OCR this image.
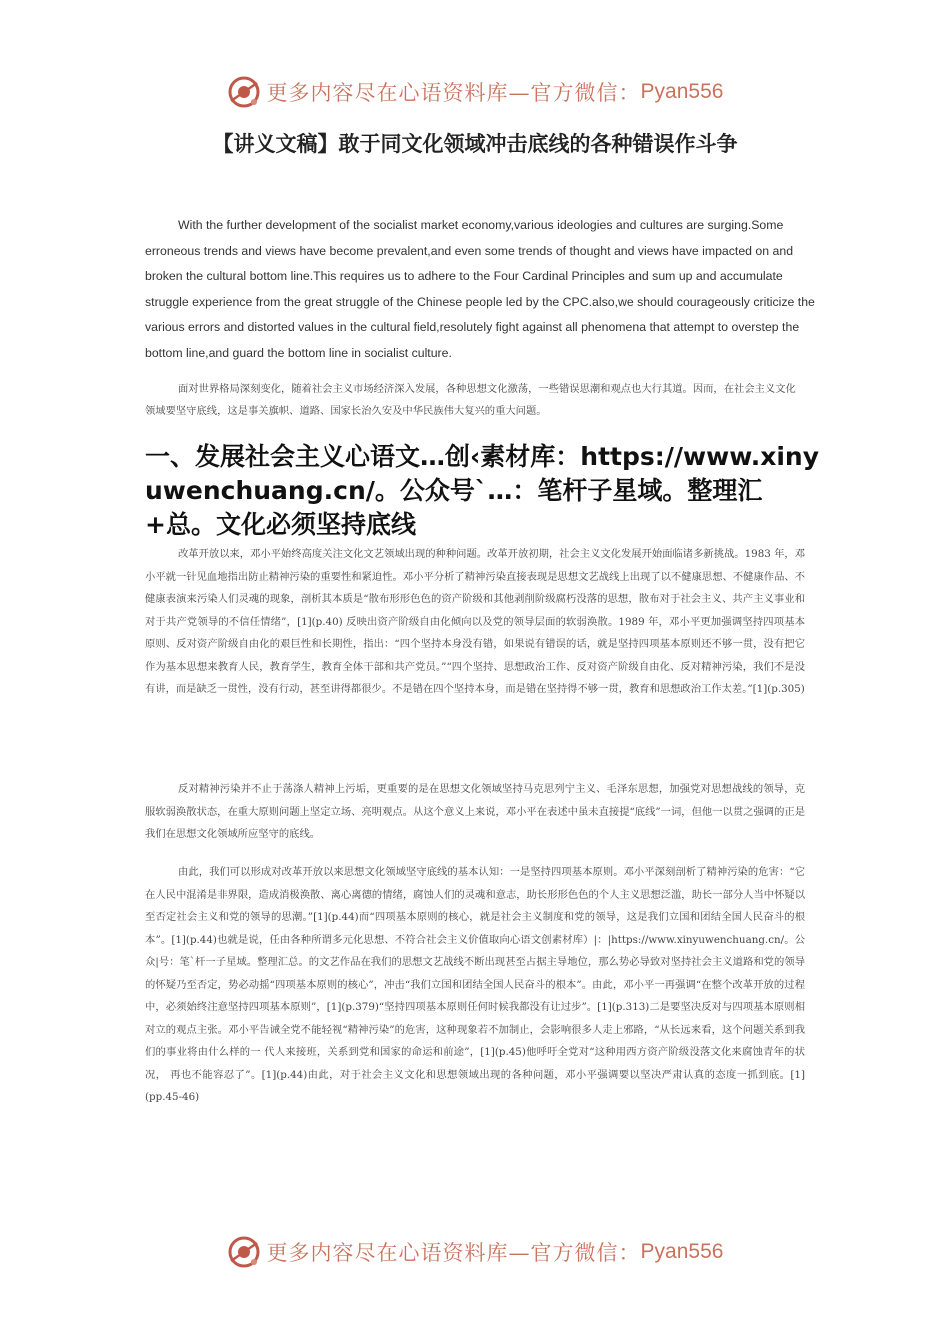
更多内容尽在心语资料库—官方微信： Pyan556
【讲义文稿】敢于同文化领域冲击底线的各种错误作斗争

With the further development of the socialist market economy,various ideologies and cultures are surging.Some erroneous trends and views have become prevalent,and even some trends of thought and views have impacted on and broken the cultural bottom line.This requires us to adhere to the Four Cardinal Principles and sum up and accumulate struggle experience from the great struggle of the Chinese people led by the CPC.also,we should courageously criticize the various errors and distorted values in the cultural field,resolutely fight against all phenomena that attempt to overstep the bottom line,and guard the bottom line in socialist culture.

面对世界格局深刻变化，随着社会主义市场经济深入发展，各种思想文化激荡，一些错误思潮和观点也大行其道。因而，在社会主义文化领域要坚守底线，这是事关旗帜、道路、国家长治久安及中华民族伟大复兴的重大问题。

一、发展社会主义心语文…创‹素材库：https://www.xinyuwenchuang.cn/。公众号`…：笔杆子星域。整理汇+总。文化必须坚持底线

改革开放以来，邓小平始终高度关注文化文艺领域出现的种种问题。改革开放初期，社会主义文化发展开始面临诸多新挑战。1983 年，邓小平就一针见血地指出防止精神污染的重要性和紧迫性。邓小平分析了精神污染直接表现是思想文艺战线上出现了以不健康思想、不健康作品、不健康表演来污染人们灵魂的现象，剖析其本质是“散布形形色色的资产阶级和其他剥削阶级腐朽没落的思想，散布对于社会主义、共产主义事业和对于共产党领导的不信任情绪”，[1](p.40) 反映出资产阶级自由化倾向以及党的领导层面的软弱涣散。1989 年，邓小平更加强调坚持四项基本原则、反对资产阶级自由化的艰巨性和长期性，指出：“四个坚持本身没有错，如果说有错误的话，就是坚持四项基本原则还不够一贯，没有把它作为基本思想来教育人民，教育学生，教育全体干部和共产党员。”“四个坚持、思想政治工作、反对资产阶级自由化、反对精神污染，我们不是没有讲，而是缺乏一贯性，没有行动，甚至讲得都很少。不是错在四个坚持本身，而是错在坚持得不够一贯，教育和思想政治工作太差。”[1](p.305)

反对精神污染并不止于荡涤人精神上污垢，更重要的是在思想文化领域坚持马克思列宁主义、毛泽东思想，加强党对思想战线的领导，克服软弱涣散状态，在重大原则问题上坚定立场、亮明观点。从这个意义上来说，邓小平在表述中虽未直接提“底线”一词，但他一以贯之强调的正是我们在思想文化领域所应坚守的底线。

由此，我们可以形成对改革开放以来思想文化领域坚守底线的基本认知：一是坚持四项基本原则。邓小平深刻剖析了精神污染的危害：“它在人民中混淆是非界限，造成消极涣散、离心离德的情绪，腐蚀人们的灵魂和意志，助长形形色色的个人主义思想泛滥，助长一部分人当中怀疑以至否定社会主义和党的领导的思潮。”[1](p.44)而“四项基本原则的核心，就是社会主义制度和党的领导，这是我们立国和团结全国人民奋斗的根本”。[1](p.44)也就是说，任由各种所谓多元化思想、不符合社会主义价值取向心语文创素材库）|：|https://www.xinyuwenchuang.cn/。公众|号：笔`杆一子星域。整理汇总。的文艺作品在我们的思想文艺战线不断出现甚至占据主导地位，那么势必导致对坚持社会主义道路和党的领导的怀疑乃至否定，势必动摇“四项基本原则的核心”，冲击“我们立国和团结全国人民奋斗的根本”。由此，邓小平一再强调“在整个改革开放的过程中，必须始终注意坚持四项基本原则”，[1](p.379)“坚持四项基本原则任何时候我都没有让过步”。[1](p.313)二是要坚决反对与四项基本原则相对立的观点主张。邓小平告诫全党不能轻视“精神污染”的危害，这种现象若不加制止，会影响很多人走上邪路，“从长远来看，这个问题关系到我们的事业将由什么样的一 代人来接班，关系到党和国家的命运和前途”，[1](p.45)他呼吁全党对“这种用西方资产阶级没落文化来腐蚀青年的状况， 再也不能容忍了”。[1](p.44)由此，对于社会主义文化和思想领域出现的各种问题，邓小平强调要以坚决严肃认真的态度一抓到底。[1](pp.45-46)

更多内容尽在心语资料库—官方微信： Pyan556
